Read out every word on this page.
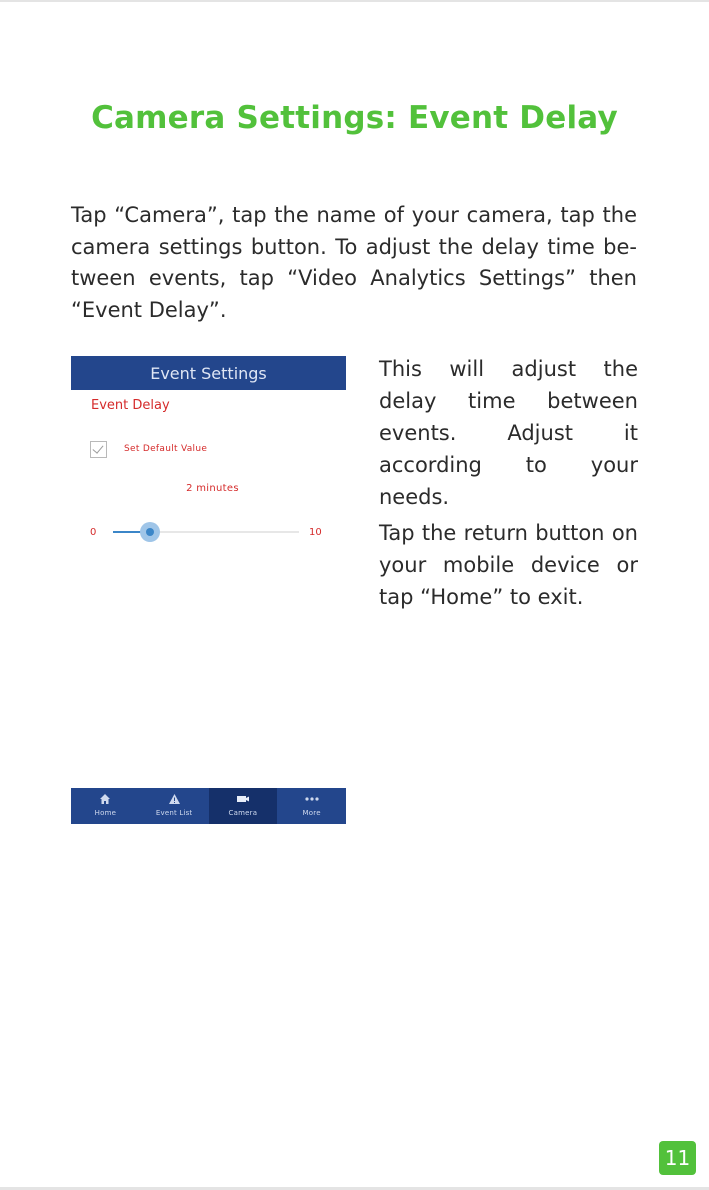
Camera Settings: Event Delay

Tap “Camera”, tap the name of your camera, tap the camera settings button. To adjust the delay time be-tween events, tap “Video Analytics Settings” then “Event Delay”.

Event Settings
Event Delay
Set Default Value
2 minutes
0	10
Home	Event List	Camera	More

This will adjust the delay time between events. Adjust it according to your needs.

Tap the return button on your mobile device or tap “Home” to exit.

11
